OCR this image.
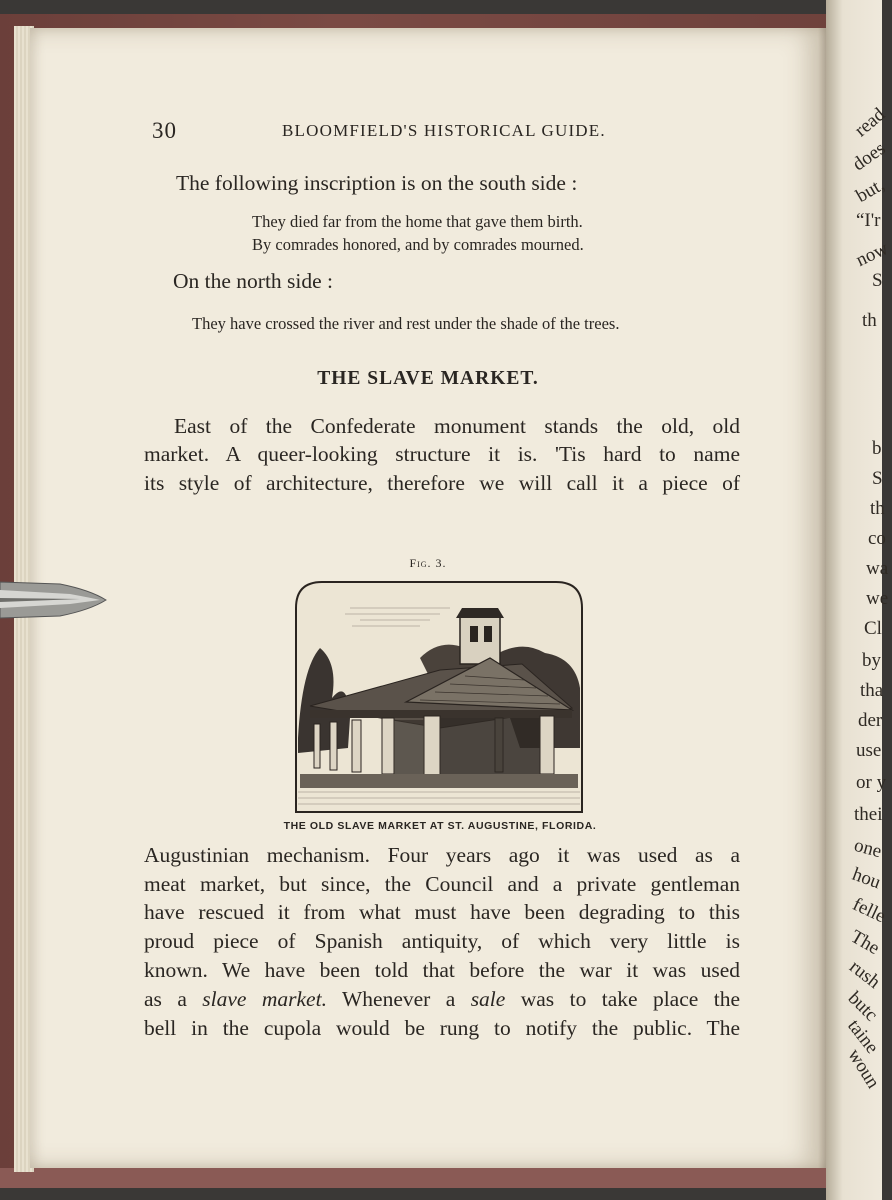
30	BLOOMFIELD'S HISTORICAL GUIDE.
The following inscription is on the south side :
They died far from the home that gave them birth.
By comrades honored, and by comrades mourned.
On the north side :
They have crossed the river and rest under the shade of the trees.
THE SLAVE MARKET.
East of the Confederate monument stands the old, old
market. A queer-looking structure it is. 'Tis hard to name
its style of architecture, therefore we will call it a piece of
Fig. 3.
THE OLD SLAVE MARKET AT ST. AUGUSTINE, FLORIDA.
Augustinian mechanism. Four years ago it was used as a
meat market, but since, the Council and a private gentleman
have rescued it from what must have been degrading to this
proud piece of Spanish antiquity, of which very little is
known. We have been told that before the war it was used
as a slave market. Whenever a sale was to take place the
bell in the cupola would be rung to notify the public. The
read
does
but,
“I'r
now
S
th
b
S
th
co
wa
we
Cl
by
tha
der
use
or y
thei
one
hou
felle
The
rush
butc
taine
woun
